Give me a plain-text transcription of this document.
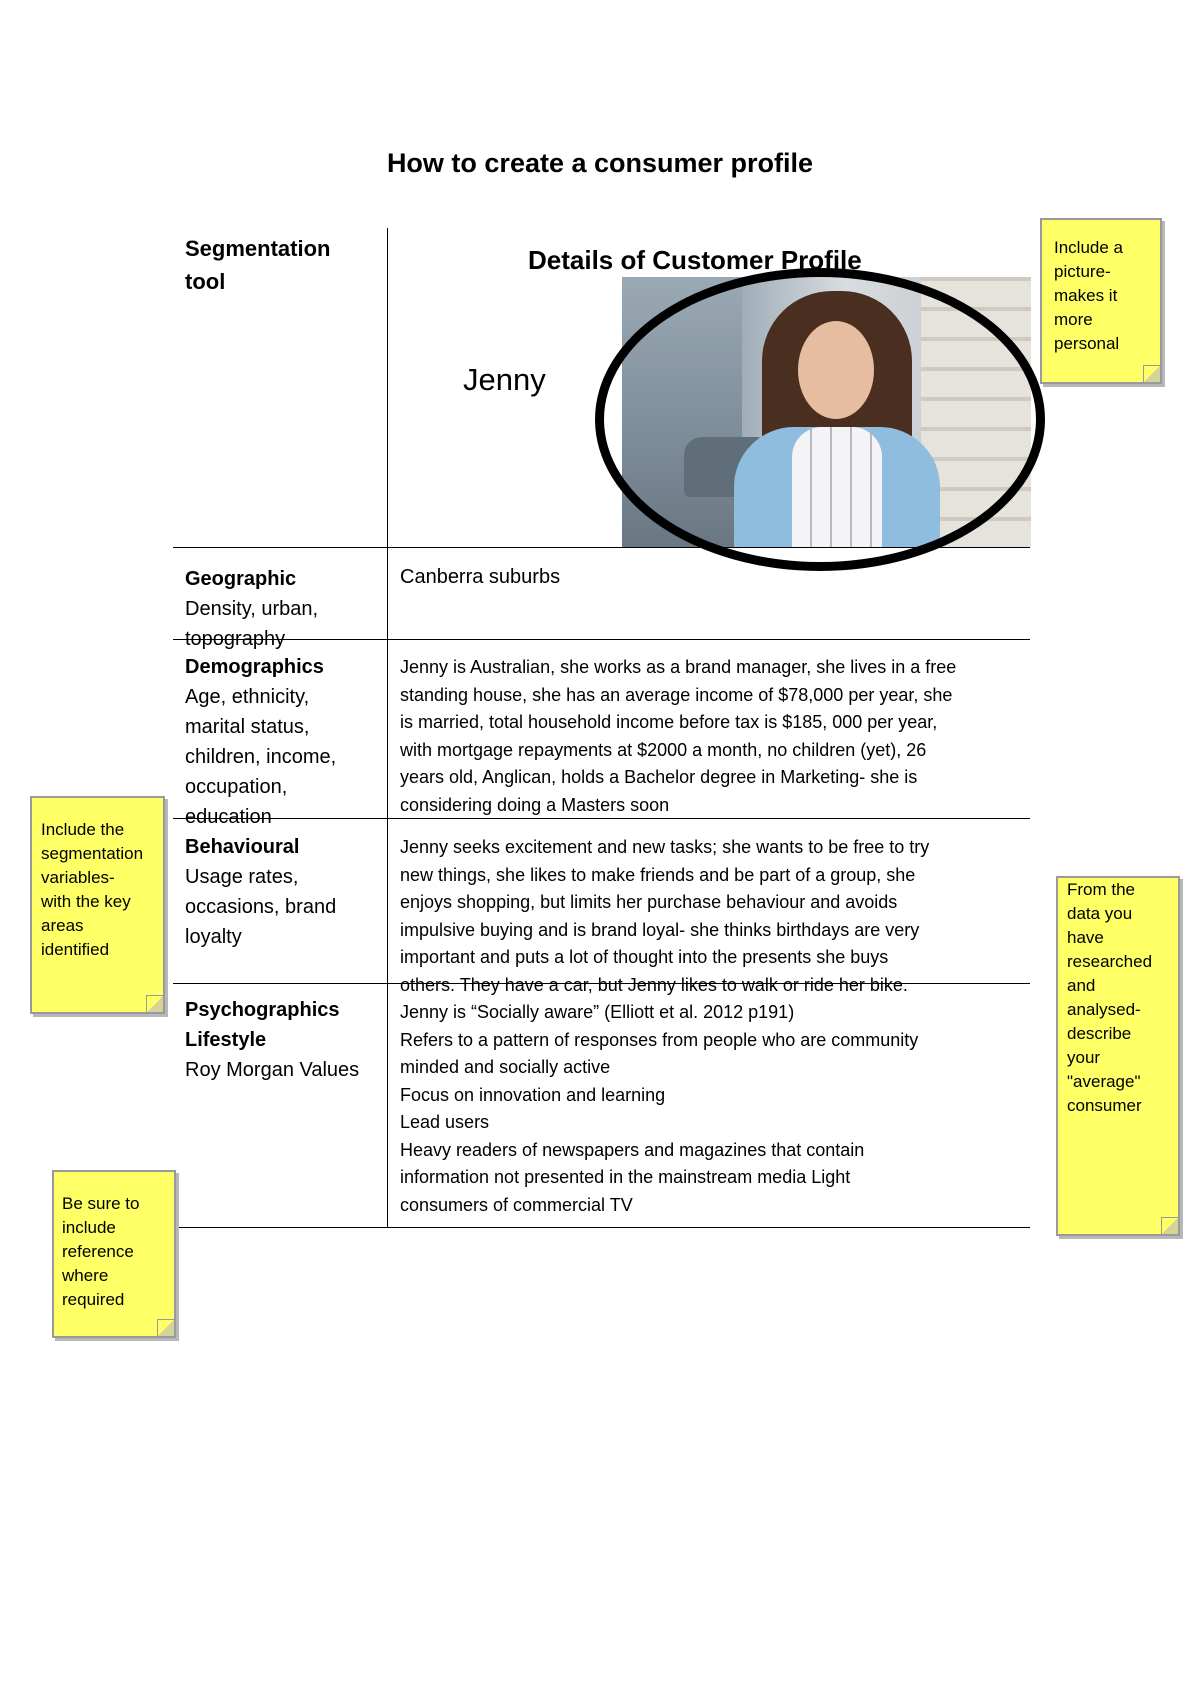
How to create a consumer profile
Segmentation
tool
Details of Customer Profile
Jenny
Geographic
Density, urban,
topography
Canberra suburbs
Demographics
Age, ethnicity,
marital status,
children, income,
occupation,
education
Jenny is Australian, she works as a brand manager, she lives in a free
standing house, she has an average income of $78,000 per year, she
is married, total household income before tax is $185, 000 per year,
with mortgage repayments at $2000 a month, no children (yet), 26
years old, Anglican, holds a Bachelor degree in Marketing- she is
considering doing a Masters soon
Behavioural
Usage rates,
occasions, brand
loyalty
Jenny seeks excitement and new tasks; she wants to be free to try
new things, she likes to make friends and be part of a group, she
enjoys shopping, but limits her purchase behaviour and avoids
impulsive buying and is brand loyal- she thinks birthdays are very
important and puts a lot of thought into the presents she buys
others. They have a car, but Jenny likes to walk or ride her bike.
Psychographics
Lifestyle
Roy Morgan Values
Jenny is “Socially aware” (Elliott et al. 2012 p191)
Refers to a pattern of responses from people who are community
minded and socially active
Focus on innovation and learning
Lead users
Heavy readers of newspapers and magazines that contain
information not presented in the mainstream media Light
consumers of commercial TV
Include a
picture-
makes it
more
personal
Include the
segmentation
variables-
with the key
areas
identified
From the
data you
have
researched
and
analysed-
describe
your
"average"
consumer
Be sure to
include
reference
where
required
